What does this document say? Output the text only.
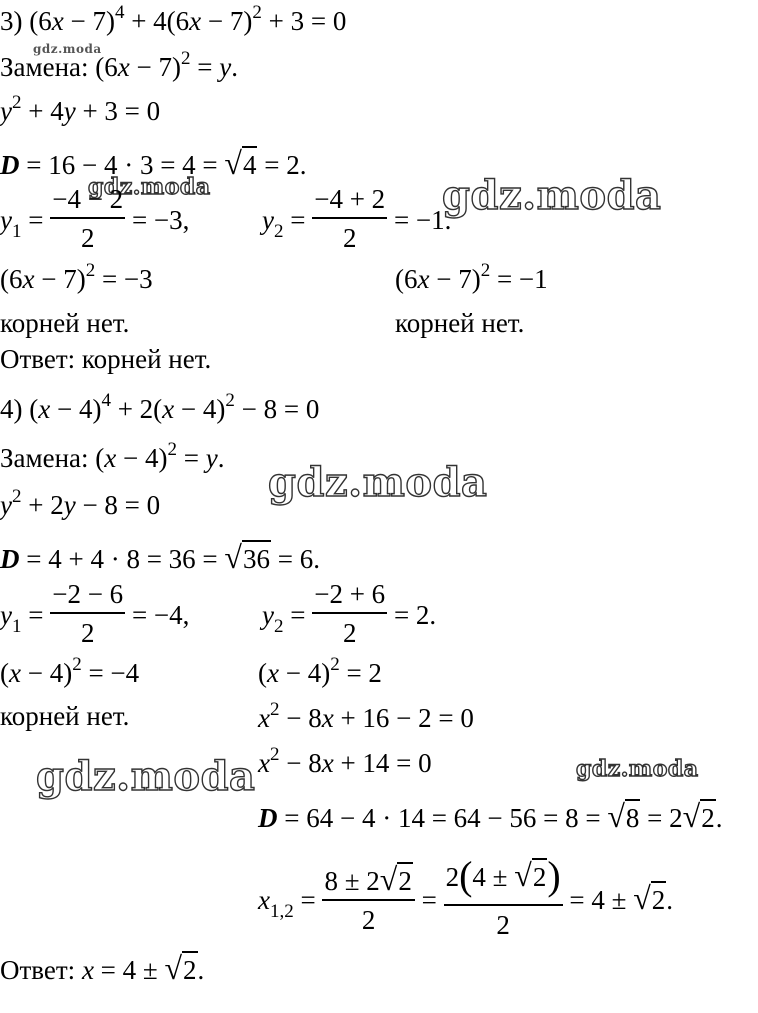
3) $(6x - 7)^4 + 4(6x - 7)^2 + 3 = 0$
gdz.moda
Замена: $(6x - 7)^2 = y$.
$y^2 + 4y + 3 = 0$
D = 16 − 4 · 3 = 4 = √4 = 2.
gdz.moda
$y_1 = \frac{-4 - 2}{2} = -3$,	$y_2 = \frac{-4 + 2}{2} = -1$.
gdz.moda
$(6x - 7)^2 = -3$	$(6x - 7)^2 = -1$
корней нет.	корней нет.
Ответ: корней нет.
4) $(x - 4)^4 + 2(x - 4)^2 - 8 = 0$
Замена: $(x - 4)^2 = y$.
gdz.moda
$y^2 + 2y - 8 = 0$
D = 4 + 4 · 8 = 36 = √36 = 6.
$y_1 = \frac{-2 - 6}{2} = -4$,	$y_2 = \frac{-2 + 6}{2} = 2$.
$(x - 4)^2 = -4$	$(x - 4)^2 = 2$
корней нет.	$x^2 - 8x + 16 - 2 = 0$
$x^2 - 8x + 14 = 0$
gdz.moda	gdz.moda
D = 64 − 4 · 14 = 64 − 56 = 8 = √8 = 2√2.
$x_{1,2} = \frac{8 \pm 2√2}{2} = \frac{2(4 \pm √2)}{2} = 4 \pm √2$.
Ответ: x = 4 ± √2.
